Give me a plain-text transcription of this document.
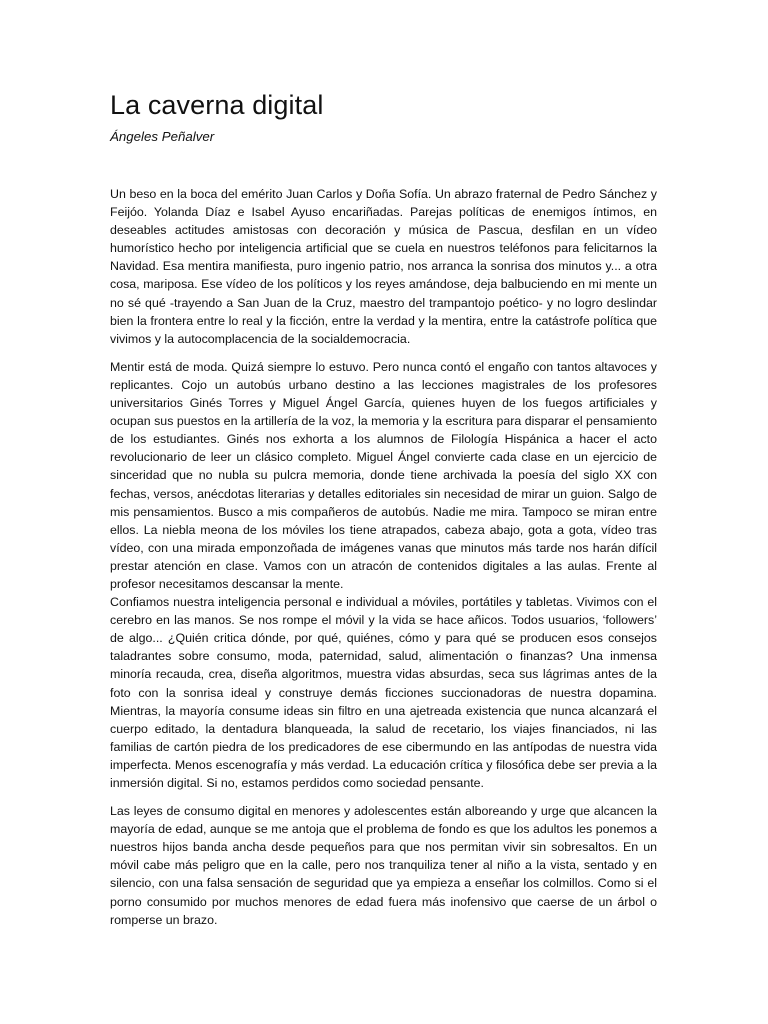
La caverna digital

Ángeles Peñalver

Un beso en la boca del emérito Juan Carlos y Doña Sofía. Un abrazo fraternal de Pedro Sánchez y Feijóo. Yolanda Díaz e Isabel Ayuso encariñadas. Parejas políticas de enemigos íntimos, en deseables actitudes amistosas con decoración y música de Pascua, desfilan en un vídeo humorístico hecho por inteligencia artificial que se cuela en nuestros teléfonos para felicitarnos la Navidad. Esa mentira manifiesta, puro ingenio patrio, nos arranca la sonrisa dos minutos y... a otra cosa, mariposa. Ese vídeo de los políticos y los reyes amándose, deja balbuciendo en mi mente un no sé qué -trayendo a San Juan de la Cruz, maestro del trampantojo poético- y no logro deslindar bien la frontera entre lo real y la ficción, entre la verdad y la mentira, entre la catástrofe política que vivimos y la autocomplacencia de la socialdemocracia.

Mentir está de moda. Quizá siempre lo estuvo. Pero nunca contó el engaño con tantos altavoces y replicantes. Cojo un autobús urbano destino a las lecciones magistrales de los profesores universitarios Ginés Torres y Miguel Ángel García, quienes huyen de los fuegos artificiales y ocupan sus puestos en la artillería de la voz, la memoria y la escritura para disparar el pensamiento de los estudiantes. Ginés nos exhorta a los alumnos de Filología Hispánica a hacer el acto revolucionario de leer un clásico completo. Miguel Ángel convierte cada clase en un ejercicio de sinceridad que no nubla su pulcra memoria, donde tiene archivada la poesía del siglo XX con fechas, versos, anécdotas literarias y detalles editoriales sin necesidad de mirar un guion. Salgo de mis pensamientos. Busco a mis compañeros de autobús. Nadie me mira. Tampoco se miran entre ellos. La niebla meona de los móviles los tiene atrapados, cabeza abajo, gota a gota, vídeo tras vídeo, con una mirada emponzoñada de imágenes vanas que minutos más tarde nos harán difícil prestar atención en clase. Vamos con un atracón de contenidos digitales a las aulas. Frente al profesor necesitamos descansar la mente.

Confiamos nuestra inteligencia personal e individual a móviles, portátiles y tabletas. Vivimos con el cerebro en las manos. Se nos rompe el móvil y la vida se hace añicos. Todos usuarios, ‘followers’ de algo... ¿Quién critica dónde, por qué, quiénes, cómo y para qué se producen esos consejos taladrantes sobre consumo, moda, paternidad, salud, alimentación o finanzas? Una inmensa minoría recauda, crea, diseña algoritmos, muestra vidas absurdas, seca sus lágrimas antes de la foto con la sonrisa ideal y construye demás ficciones succionadoras de nuestra dopamina. Mientras, la mayoría consume ideas sin filtro en una ajetreada existencia que nunca alcanzará el cuerpo editado, la dentadura blanqueada, la salud de recetario, los viajes financiados, ni las familias de cartón piedra de los predicadores de ese cibermundo en las antípodas de nuestra vida imperfecta. Menos escenografía y más verdad. La educación crítica y filosófica debe ser previa a la inmersión digital. Si no, estamos perdidos como sociedad pensante.

Las leyes de consumo digital en menores y adolescentes están alboreando y urge que alcancen la mayoría de edad, aunque se me antoja que el problema de fondo es que los adultos les ponemos a nuestros hijos banda ancha desde pequeños para que nos permitan vivir sin sobresaltos. En un móvil cabe más peligro que en la calle, pero nos tranquiliza tener al niño a la vista, sentado y en silencio, con una falsa sensación de seguridad que ya empieza a enseñar los colmillos. Como si el porno consumido por muchos menores de edad fuera más inofensivo que caerse de un árbol o romperse un brazo.
